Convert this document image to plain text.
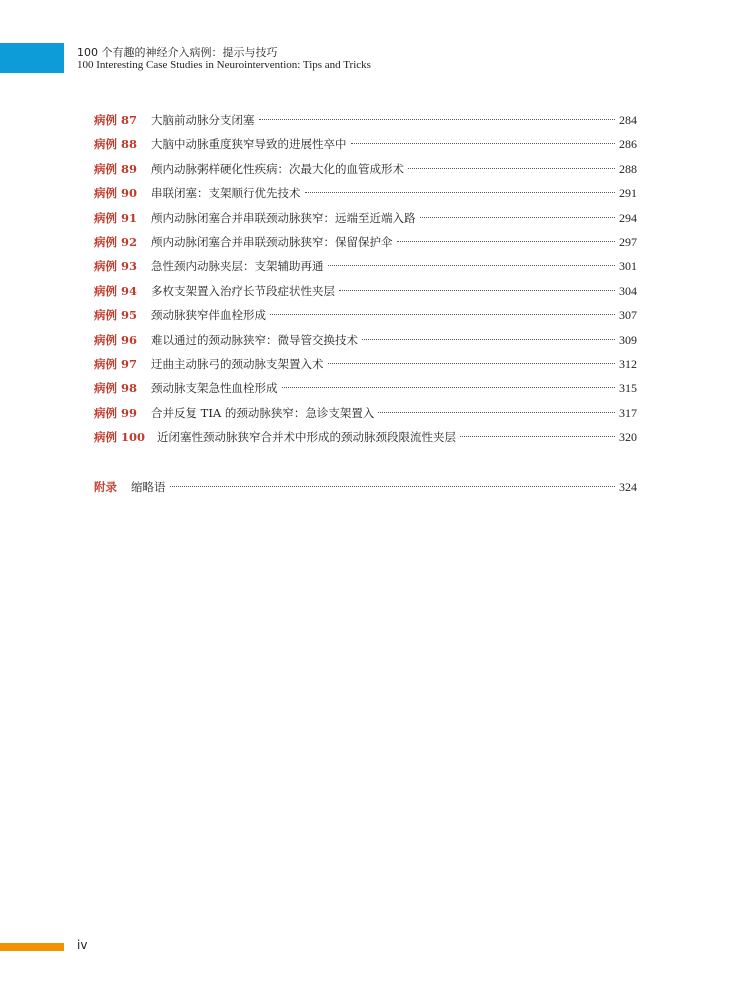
100 个有趣的神经介入病例：提示与技巧
100 Interesting Case Studies in Neurointervention: Tips and Tricks
病例 87 大脑前动脉分支闭塞	284
病例 88 大脑中动脉重度狭窄导致的进展性卒中	286
病例 89 颅内动脉粥样硬化性疾病：次最大化的血管成形术	288
病例 90 串联闭塞：支架顺行优先技术	291
病例 91 颅内动脉闭塞合并串联颈动脉狭窄：远端至近端入路	294
病例 92 颅内动脉闭塞合并串联颈动脉狭窄：保留保护伞	297
病例 93 急性颈内动脉夹层：支架辅助再通	301
病例 94 多枚支架置入治疗长节段症状性夹层	304
病例 95 颈动脉狭窄伴血栓形成	307
病例 96 难以通过的颈动脉狭窄：微导管交换技术	309
病例 97 迂曲主动脉弓的颈动脉支架置入术	312
病例 98 颈动脉支架急性血栓形成	315
病例 99 合并反复 TIA 的颈动脉狭窄：急诊支架置入	317
病例 100 近闭塞性颈动脉狭窄合并术中形成的颈动脉颈段限流性夹层	320
附录 缩略语	324
iv
